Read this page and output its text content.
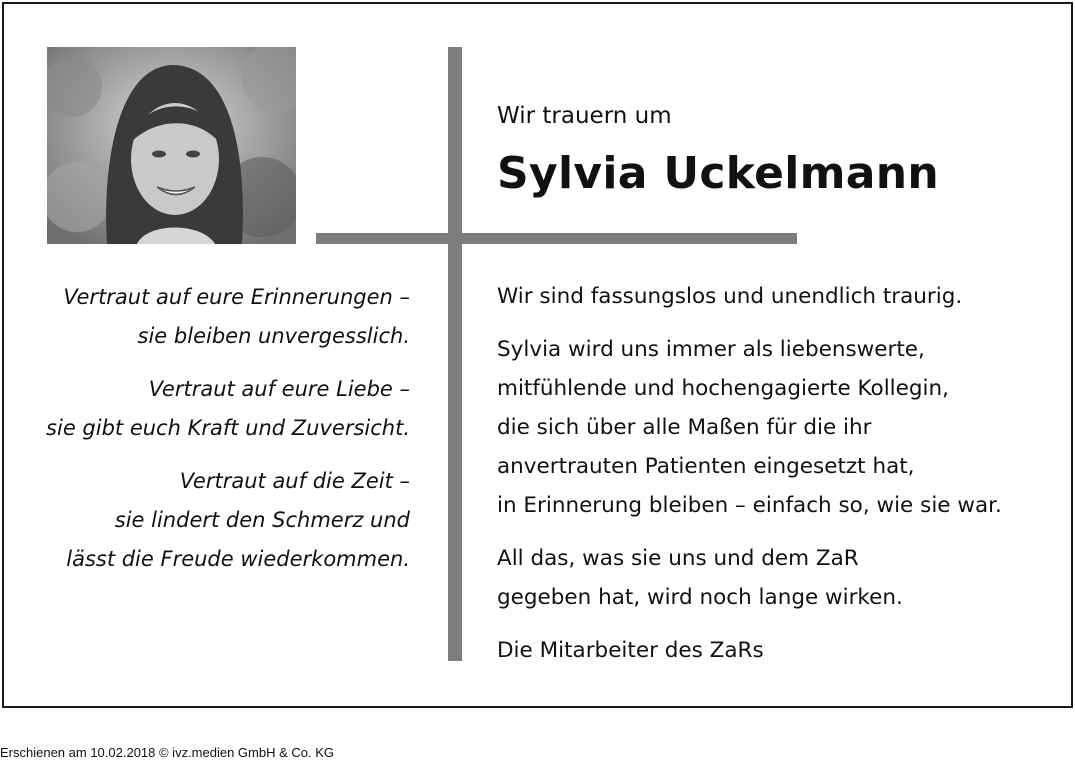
Wir trauern um
Sylvia Uckelmann
Vertraut auf eure Erinnerungen –
sie bleiben unvergesslich.
Vertraut auf eure Liebe –
sie gibt euch Kraft und Zuversicht.
Vertraut auf die Zeit –
sie lindert den Schmerz und
lässt die Freude wiederkommen.
Wir sind fassungslos und unendlich traurig.
Sylvia wird uns immer als liebenswerte,
mitfühlende und hochengagierte Kollegin,
die sich über alle Maßen für die ihr
anvertrauten Patienten eingesetzt hat,
in Erinnerung bleiben – einfach so, wie sie war.
All das, was sie uns und dem ZaR
gegeben hat, wird noch lange wirken.
Die Mitarbeiter des ZaRs
Erschienen am 10.02.2018 © ivz.medien GmbH & Co. KG
